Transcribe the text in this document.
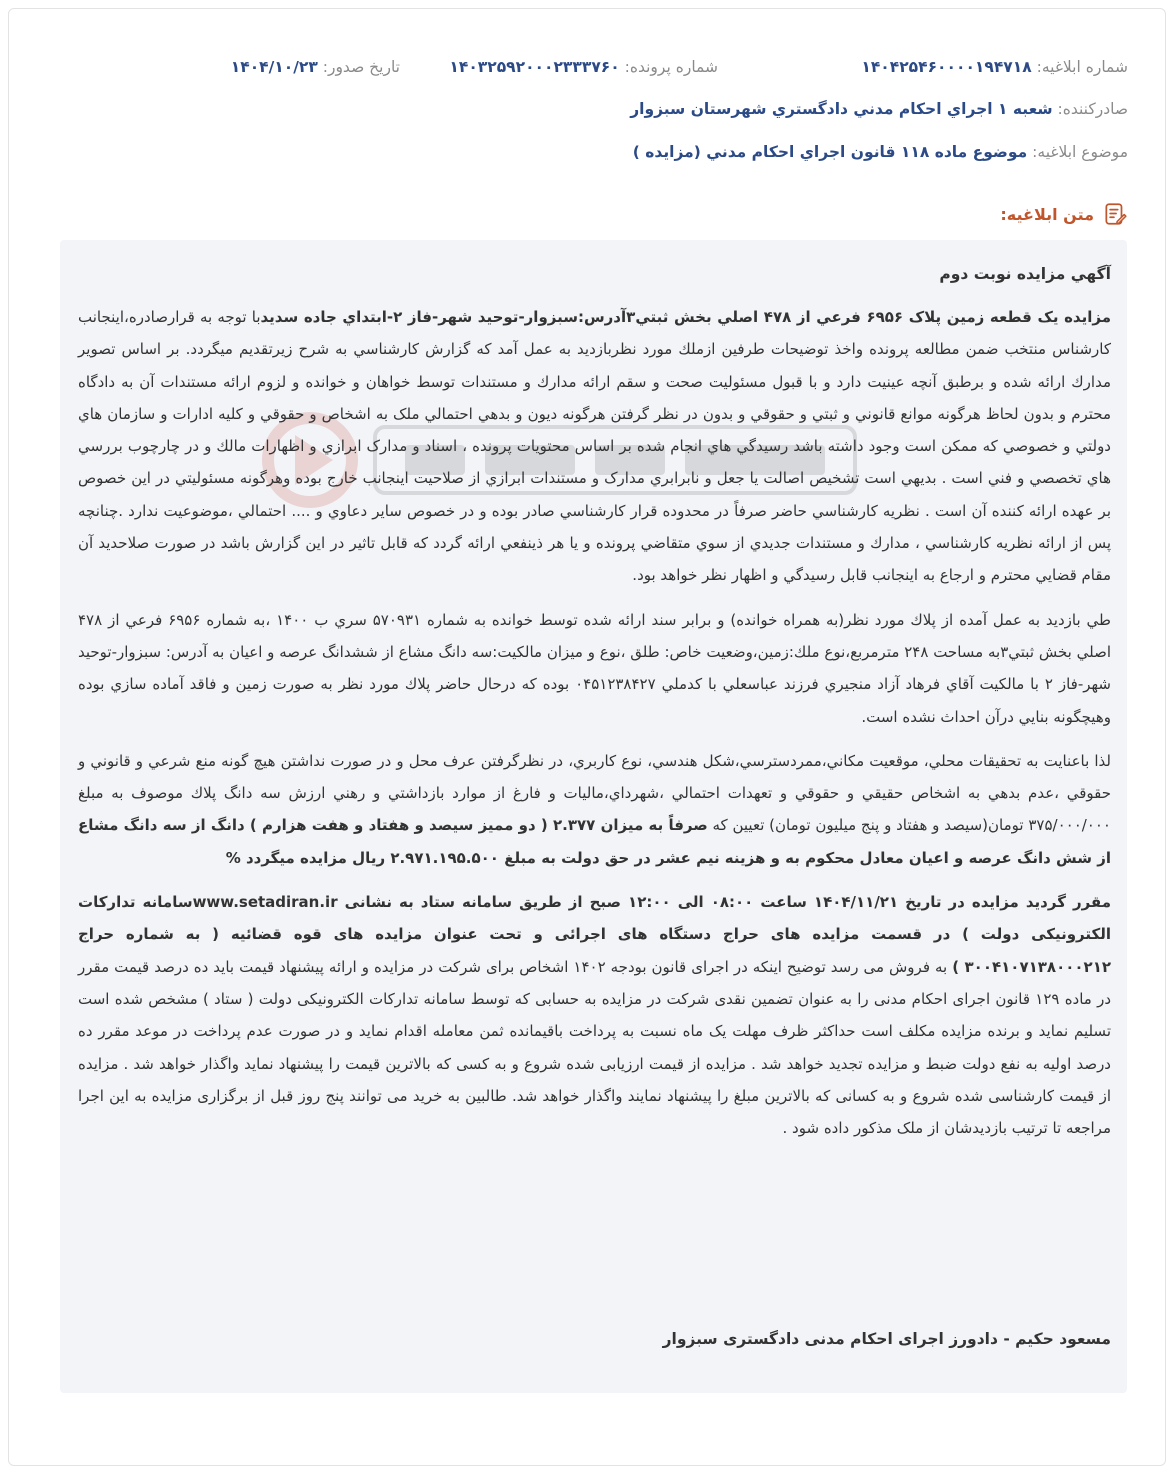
شماره ابلاغيه: ۱۴۰۴۲۵۴۶۰۰۰۰۱۹۴۷۱۸
شماره پرونده: ۱۴۰۳۲۵۹۲۰۰۰۲۳۳۳۷۶۰
تاريخ صدور: ۱۴۰۴/۱۰/۲۳
صادرکننده: شعبه ۱ اجراي احکام مدني دادگستري شهرستان سبزوار
موضوع ابلاغيه: موضوع ماده ۱۱۸ قانون اجراي احکام مدني (مزايده )
متن ابلاغيه:
آگهي مزايده نوبت دوم

مزايده یک قطعه زمين پلاک ۶۹۵۶ فرعي از ۴۷۸ اصلي بخش ثبتي۳آدرس:سبزوار-توحيد شهر-فاز ۲-ابتداي جاده سديدبا توجه به قرارصادره،اينجانب کارشناس منتخب ضمن مطالعه پرونده واخذ توضيحات طرفين ازملك مورد نظربازديد به عمل آمد كه گزارش كارشناسي به شرح زيرتقديم ميگردد. بر اساس تصوير مدارك ارائه شده و برطبق آنچه عينيت دارد و با قبول مسئوليت صحت و سقم ارائه مدارك و مستندات توسط خواهان و خوانده و لزوم ارائه مستندات آن به دادگاه محترم و بدون لحاظ هرگونه موانع قانوني و ثبتي و حقوقي و بدون در نظر گرفتن هرگونه ديون و بدهي احتمالي ملک به اشخاص و حقوقي و کليه ادارات و سازمان هاي دولتي و خصوصي که ممکن است وجود داشته باشد رسيدگي هاي انجام شده بر اساس محتويات پرونده ، اسناد و مدارک ابرازي و اظهارات مالك و در چارچوب بررسي هاي تخصصي و فني است . بديهي است تشخيص اصالت يا جعل و نابرابري مدارک و مستندات ابرازي از صلاحيت اينجانب خارج بوده وهرگونه مسئوليتي در اين خصوص بر عهده ارائه کننده آن است . نظريه کارشناسي حاضر صرفاً در محدوده قرار کارشناسي صادر بوده و در خصوص ساير دعاوي و .... احتمالي ،موضوعيت ندارد .چنانچه پس از ارائه نظريه كارشناسي ، مدارك و مستندات جديدي از سوي متقاضي پرونده و يا هر ذينفعي ارائه گردد كه قابل تاثير در اين گزارش باشد در صورت صلاحديد آن مقام قضايي محترم و ارجاع به اينجانب قابل رسيدگي و اظهار نظر خواهد بود.

طي بازديد به عمل آمده از پلاك مورد نظر(به همراه خوانده) و برابر سند ارائه شده توسط خوانده به شماره ۵۷۰۹۳۱ سري ب ۱۴۰۰ ،به شماره ۶۹۵۶ فرعي از ۴۷۸ اصلي بخش ثبتي۳به مساحت ۲۴۸ مترمربع،نوع ملك:زمين،وضعيت خاص: طلق ،نوع و ميزان مالكيت:سه دانگ مشاع از ششدانگ عرصه و اعيان به آدرس: سبزوار-توحيد شهر-فاز ۲ با مالكيت آقاي فرهاد آزاد منجيري فرزند عباسعلي با كدملي ۰۴۵۱۲۳۸۴۲۷ بوده كه درحال حاضر پلاك مورد نظر به صورت زمين و فاقد آماده سازي بوده وهيچگونه بنايي درآن احداث نشده است.

لذا باعنايت به تحقيقات محلي، موقعيت مكاني،ممردسترسي،شكل هندسي، نوع كاربري، در نظرگرفتن عرف محل و در صورت نداشتن هيچ گونه منع شرعي و قانوني و حقوقي ،عدم بدهي به اشخاص حقيقي و حقوقي و تعهدات احتمالي ،شهرداي،ماليات و فارغ از موارد بازداشتي و رهني ارزش سه دانگ پلاك موصوف به مبلغ ۳۷۵/۰۰۰/۰۰۰ تومان(سيصد و هفتاد و پنج ميليون تومان) تعيين كه صرفاً به ميزان ۲.۳۷۷ ( دو مميز سيصد و هفتاد و هفت هزارم ) دانگ از سه دانگ مشاع از شش دانگ عرصه و اعيان معادل محكوم به و هزينه نيم عشر در حق دولت به مبلغ ۲.۹۷۱.۱۹۵.۵۰۰ ريال مزايده ميگردد %

مقرر گرديد مزايده در تاريخ ۱۴۰۴/۱۱/۲۱ ساعت ۰۸:۰۰ الی ۱۲:۰۰ صبح از طريق سامانه ستاد به نشانی www.setadiran.irسامانه تداركات الكترونيكی دولت ) در قسمت مزايده های حراج دستگاه های اجرائی و تحت عنوان مزايده های قوه قضائيه ( به شماره حراج ۳۰۰۴۱۰۷۱۳۸۰۰۰۲۱۲ ) به فروش می رسد توضيح اينكه در اجرای قانون بودجه ۱۴۰۲ اشخاص برای شركت در مزايده و ارائه پيشنهاد قيمت بايد ده درصد قيمت مقرر در ماده ۱۲۹ قانون اجرای احكام مدنی را به عنوان تضمين نقدی شركت در مزايده به حسابی كه توسط سامانه تداركات الكترونيكی دولت ( ستاد ) مشخص شده است تسليم نمايد و برنده مزايده مكلف است حداكثر ظرف مهلت يک ماه نسبت به پرداخت باقيمانده ثمن معامله اقدام نمايد و در صورت عدم پرداخت در موعد مقرر ده درصد اوليه به نفع دولت ضبط و مزايده تجديد خواهد شد . مزايده از قيمت ارزيابی شده شروع و به كسی كه بالاترين قيمت را پيشنهاد نمايد واگذار خواهد شد . مزايده از قيمت كارشناسی شده شروع و به كسانی كه بالاترين مبلغ را پيشنهاد نمايند واگذار خواهد شد. طالبين به خريد می توانند پنج روز قبل از برگزاری مزايده به اين اجرا مراجعه تا ترتيب بازديدشان از ملک مذكور داده شود .

مسعود حکيم - دادورز اجرای احکام مدنی دادگستری سبزوار
